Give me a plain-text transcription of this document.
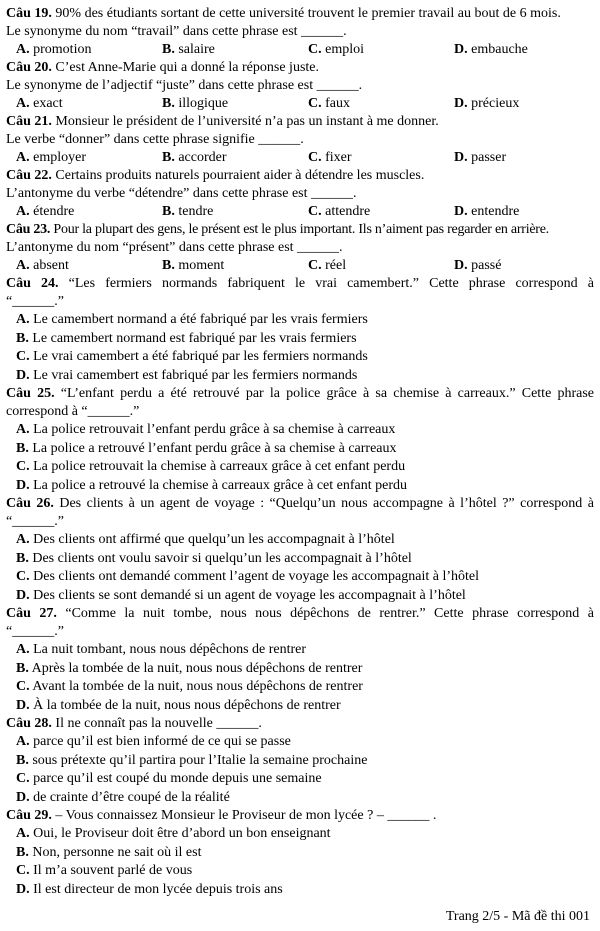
Câu 19. 90% des étudiants sortant de cette université trouvent le premier travail au bout de 6 mois.
Le synonyme du nom “travail” dans cette phrase est ______.
A. promotion	B. salaire	C. emploi	D. embauche
Câu 20. C’est Anne-Marie qui a donné la réponse juste.
Le synonyme de l’adjectif “juste” dans cette phrase est ______.
A. exact	B. illogique	C. faux	D. précieux
Câu 21. Monsieur le président de l’université n’a pas un instant à me donner.
Le verbe “donner” dans cette phrase signifie ______.
A. employer	B. accorder	C. fixer	D. passer
Câu 22. Certains produits naturels pourraient aider à détendre les muscles.
L’antonyme du verbe “détendre” dans cette phrase est ______.
A. étendre	B. tendre	C. attendre	D. entendre
Câu 23. Pour la plupart des gens, le présent est le plus important. Ils n’aiment pas regarder en arrière.
L’antonyme du nom “présent” dans cette phrase est ______.
A. absent	B. moment	C. réel	D. passé
Câu 24. “Les fermiers normands fabriquent le vrai camembert.” Cette phrase correspond à
“______.”
A. Le camembert normand a été fabriqué par les vrais fermiers
B. Le camembert normand est fabriqué par les vrais fermiers
C. Le vrai camembert a été fabriqué par les fermiers normands
D. Le vrai camembert est fabriqué par les fermiers normands
Câu 25. “L’enfant perdu a été retrouvé par la police grâce à sa chemise à carreaux.” Cette phrase
correspond à “______.”
A. La police retrouvait l’enfant perdu grâce à sa chemise à carreaux
B. La police a retrouvé l’enfant perdu grâce à sa chemise à carreaux
C. La police retrouvait la chemise à carreaux grâce à cet enfant perdu
D. La police a retrouvé la chemise à carreaux grâce à cet enfant perdu
Câu 26. Des clients à un agent de voyage : “Quelqu’un nous accompagne à l’hôtel ?” correspond à
“______.”
A. Des clients ont affirmé que quelqu’un les accompagnait à l’hôtel
B. Des clients ont voulu savoir si quelqu’un les accompagnait à l’hôtel
C. Des clients ont demandé comment l’agent de voyage les accompagnait à l’hôtel
D. Des clients se sont demandé si un agent de voyage les accompagnait à l’hôtel
Câu 27. “Comme la nuit tombe, nous nous dépêchons de rentrer.” Cette phrase correspond à
“______.”
A. La nuit tombant, nous nous dépêchons de rentrer
B. Après la tombée de la nuit, nous nous dépêchons de rentrer
C. Avant la tombée de la nuit, nous nous dépêchons de rentrer
D. À la tombée de la nuit, nous nous dépêchons de rentrer
Câu 28. Il ne connaît pas la nouvelle ______.
A. parce qu’il est bien informé de ce qui se passe
B. sous prétexte qu’il partira pour l’Italie la semaine prochaine
C. parce qu’il est coupé du monde depuis une semaine
D. de crainte d’être coupé de la réalité
Câu 29. – Vous connaissez Monsieur le Proviseur de mon lycée ? – ______ .
A. Oui, le Proviseur doit être d’abord un bon enseignant
B. Non, personne ne sait où il est
C. Il m’a souvent parlé de vous
D. Il est directeur de mon lycée depuis trois ans
Trang 2/5 - Mã đề thi 001
